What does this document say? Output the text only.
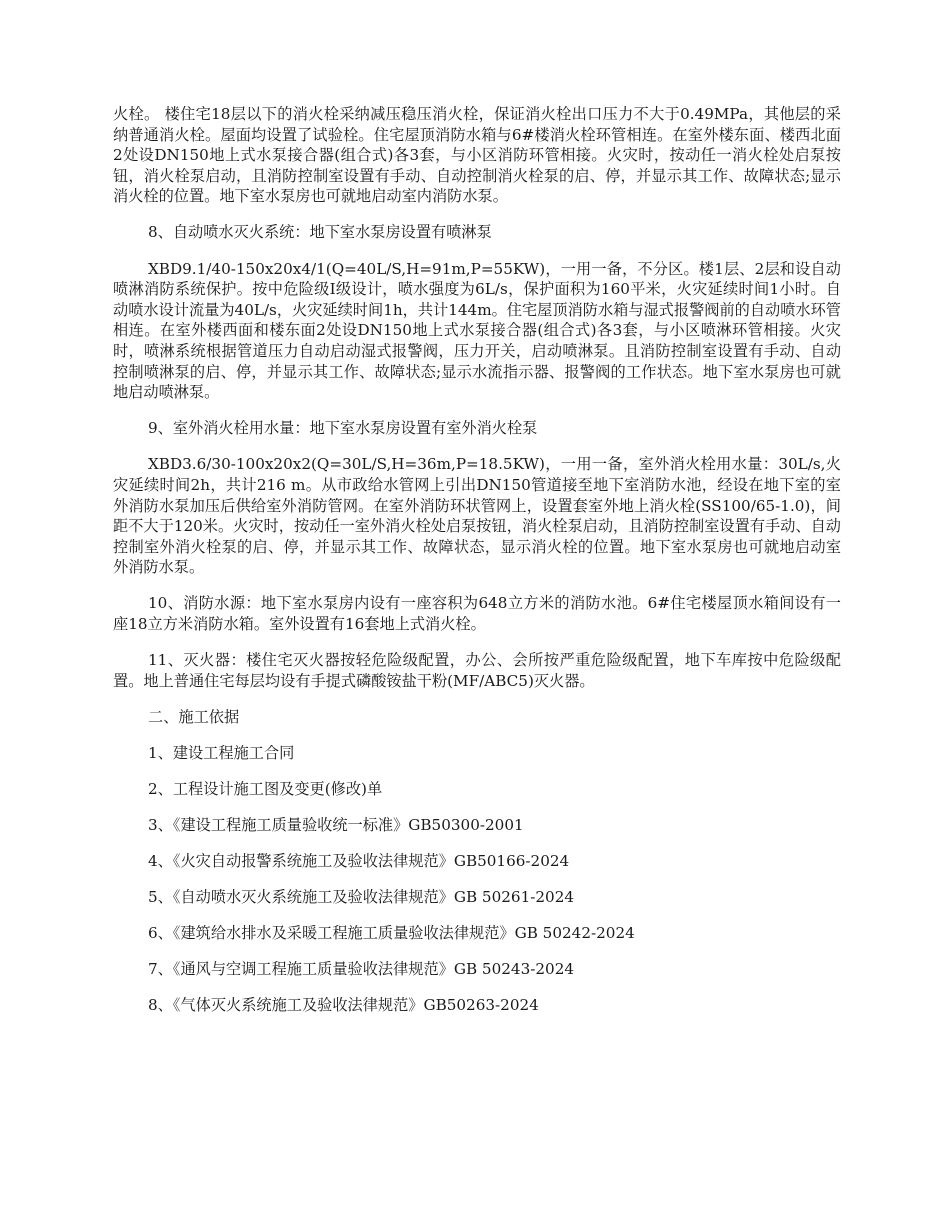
火栓。 楼住宅18层以下的消火栓采纳减压稳压消火栓，保证消火栓出口压力不大于0.49MPa，其他层的采纳普通消火栓。屋面均设置了试验栓。住宅屋顶消防水箱与6#楼消火栓环管相连。在室外楼东面、楼西北面2处设DN150地上式水泵接合器(组合式)各3套，与小区消防环管相接。火灾时，按动任一消火栓处启泵按钮，消火栓泵启动，且消防控制室设置有手动、自动控制消火栓泵的启、停，并显示其工作、故障状态;显示消火栓的位置。地下室水泵房也可就地启动室内消防水泵。

8、自动喷水灭火系统：地下室水泵房设置有喷淋泵

XBD9.1/40-150x20x4/1(Q=40L/S,H=91m,P=55KW)，一用一备，不分区。楼1层、2层和设自动喷淋消防系统保护。按中危险级Ⅰ级设计，喷水强度为6L/s，保护面积为160平米，火灾延续时间1小时。自动喷水设计流量为40L/s，火灾延续时间1h，共计144m。住宅屋顶消防水箱与湿式报警阀前的自动喷水环管相连。在室外楼西面和楼东面2处设DN150地上式水泵接合器(组合式)各3套，与小区喷淋环管相接。火灾时，喷淋系统根据管道压力自动启动湿式报警阀，压力开关，启动喷淋泵。且消防控制室设置有手动、自动控制喷淋泵的启、停，并显示其工作、故障状态;显示水流指示器、报警阀的工作状态。地下室水泵房也可就地启动喷淋泵。

9、室外消火栓用水量：地下室水泵房设置有室外消火栓泵

XBD3.6/30-100x20x2(Q=30L/S,H=36m,P=18.5KW)，一用一备，室外消火栓用水量：30L/s,火灾延续时间2h，共计216 m。从市政给水管网上引出DN150管道接至地下室消防水池，经设在地下室的室外消防水泵加压后供给室外消防管网。在室外消防环状管网上，设置套室外地上消火栓(SS100/65-1.0)，间距不大于120米。火灾时，按动任一室外消火栓处启泵按钮，消火栓泵启动，且消防控制室设置有手动、自动控制室外消火栓泵的启、停，并显示其工作、故障状态，显示消火栓的位置。地下室水泵房也可就地启动室外消防水泵。

10、消防水源：地下室水泵房内设有一座容积为648立方米的消防水池。6#住宅楼屋顶水箱间设有一座18立方米消防水箱。室外设置有16套地上式消火栓。

11、灭火器：楼住宅灭火器按轻危险级配置，办公、会所按严重危险级配置，地下车库按中危险级配置。地上普通住宅每层均设有手提式磷酸铵盐干粉(MF/ABC5)灭火器。

二、施工依据

1、建设工程施工合同

2、工程设计施工图及变更(修改)单

3、《建设工程施工质量验收统一标准》GB50300-2001

4、《火灾自动报警系统施工及验收法律规范》GB50166-2024

5、《自动喷水灭火系统施工及验收法律规范》GB 50261-2024

6、《建筑给水排水及采暖工程施工质量验收法律规范》GB 50242-2024

7、《通风与空调工程施工质量验收法律规范》GB 50243-2024

8、《气体灭火系统施工及验收法律规范》GB50263-2024
